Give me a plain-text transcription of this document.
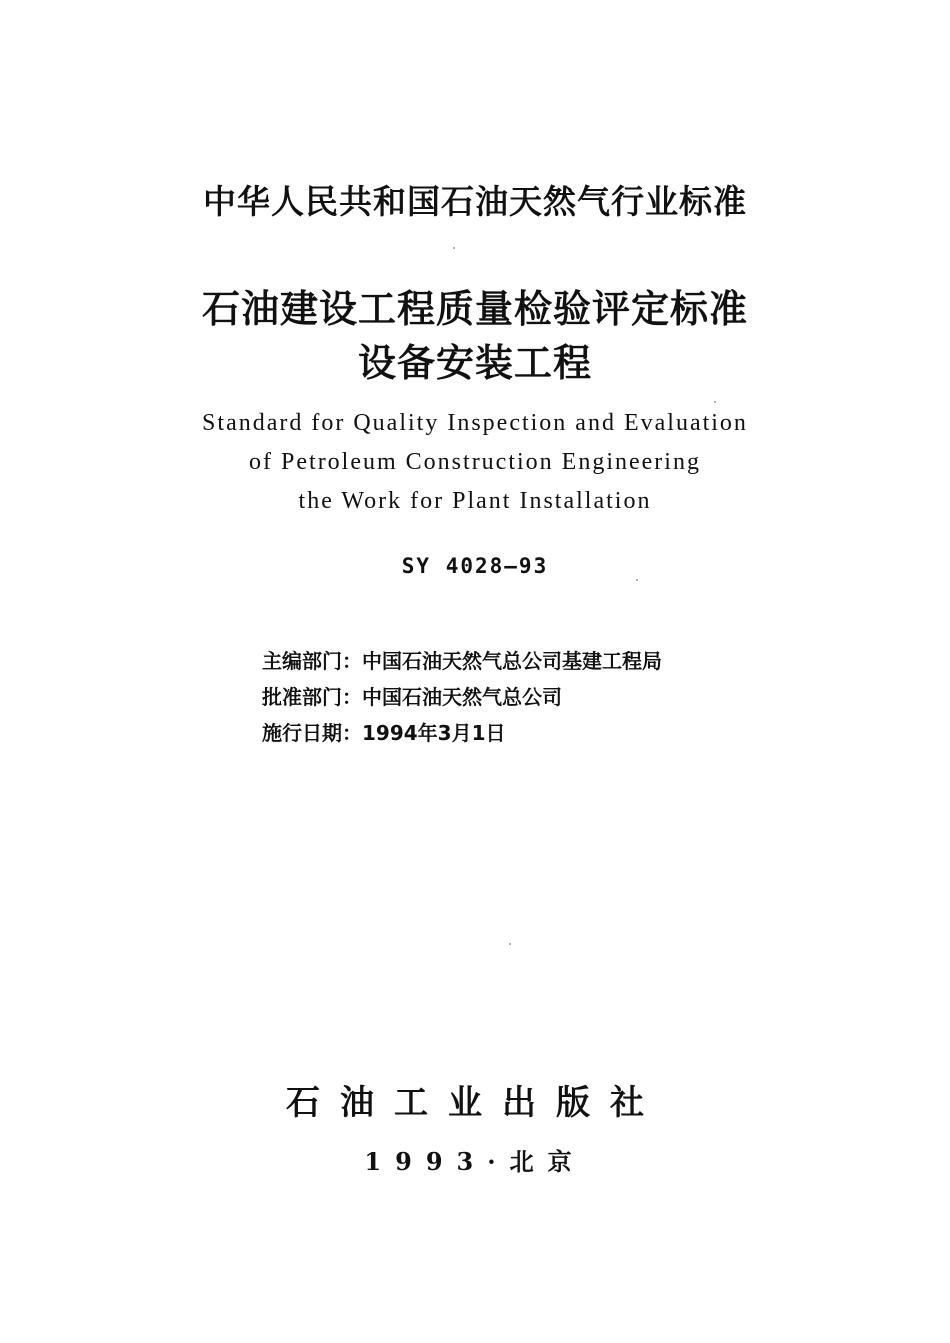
中华人民共和国石油天然气行业标准
石油建设工程质量检验评定标准
设备安装工程
Standard for Quality Inspection and Evaluation
of Petroleum Construction Engineering
the Work for Plant Installation
SY 4028—93
主编部门：中国石油天然气总公司基建工程局
批准部门：中国石油天然气总公司
施行日期：1994年3月1日
石油工业出版社
1993·北京
